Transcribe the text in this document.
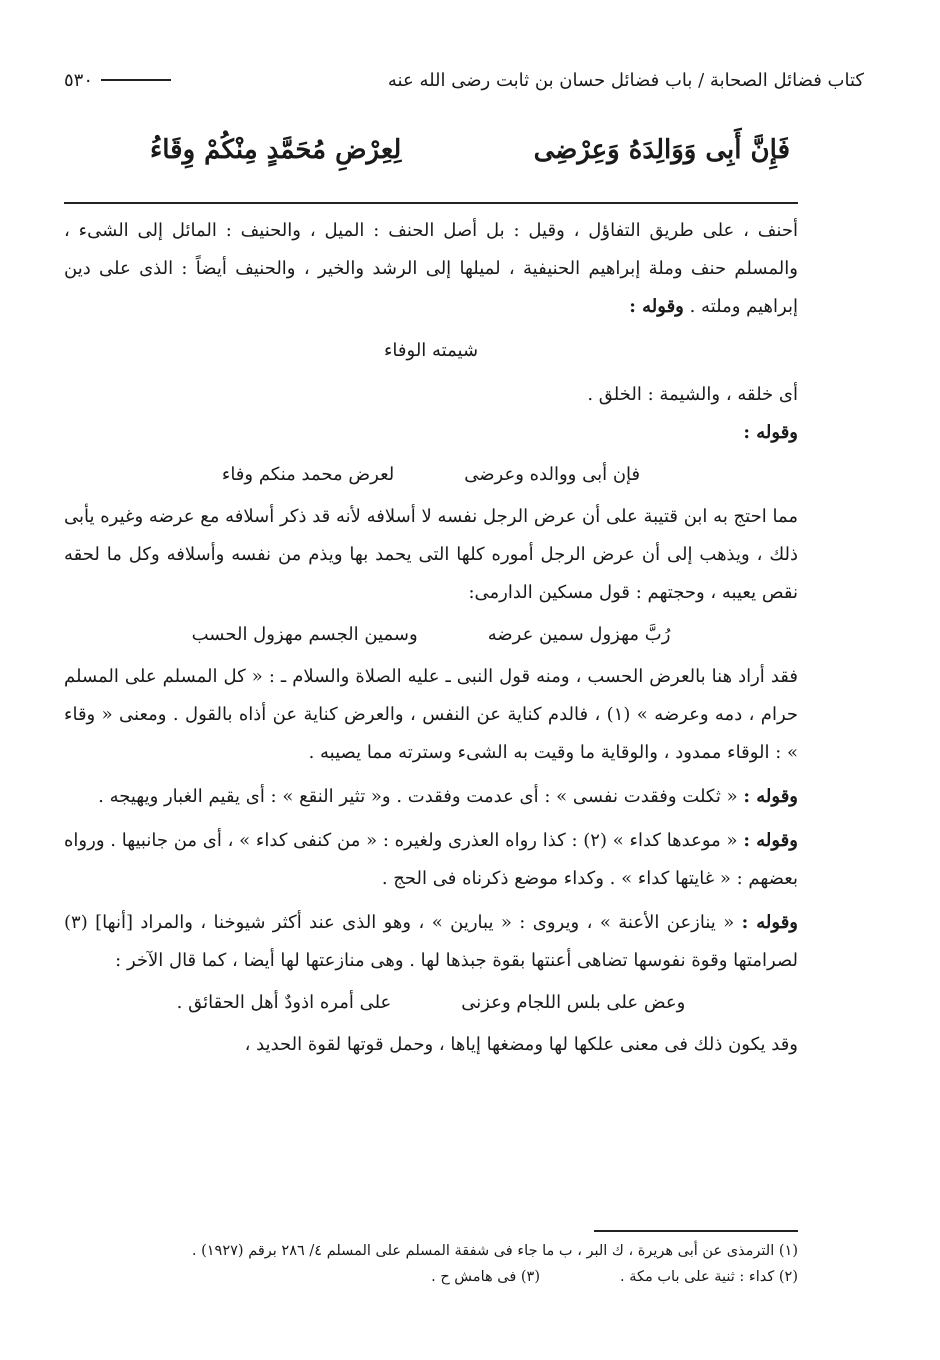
كتاب فضائل الصحابة / باب فضائل حسان بن ثابت رضى الله عنه
٥٣٠
فَإِنَّ أَبِى وَوَالِدَهُ وَعِرْضِى
لِعِرْضِ مُحَمَّدٍ مِنْكُمْ وِقَاءُ

أحنف ، على طريق التفاؤل ، وقيل : بل أصل الحنف : الميل ، والحنيف : المائل إلى الشىء ، والمسلم حنف وملة إبراهيم الحنيفية ، لميلها إلى الرشد والخير ، والحنيف أيضاً : الذى على دين إبراهيم وملته . وقوله :

شيمته الوفاء

أى خلقه ، والشيمة : الخلق .

وقوله :

فإن أبى ووالده وعرضى
لعرض محمد منكم وفاء

مما احتج به ابن قتيبة على أن عرض الرجل نفسه لا أسلافه لأنه قد ذكر أسلافه مع عرضه وغيره يأبى ذلك ، ويذهب إلى أن عرض الرجل أموره كلها التى يحمد بها ويذم من نفسه وأسلافه وكل ما لحقه نقص يعيبه ، وحجتهم : قول مسكين الدارمى:

رُبَّ مهزول سمين عرضه
وسمين الجسم مهزول الحسب

فقد أراد هنا بالعرض الحسب ، ومنه قول النبى ـ عليه الصلاة والسلام ـ : « كل المسلم على المسلم حرام ، دمه وعرضه » (١) ، فالدم كناية عن النفس ، والعرض كناية عن أذاه بالقول . ومعنى « وقاء » : الوقاء ممدود ، والوقاية ما وقيت به الشىء وسترته مما يصيبه .

وقوله : « ثكلت وفقدت نفسى » : أى عدمت وفقدت . و« تثير النقع » : أى يقيم الغبار ويهيجه .

وقوله : « موعدها كداء » (٢) : كذا رواه العذرى ولغيره : « من كنفى كداء » ، أى من جانبيها . ورواه بعضهم : « غايتها كداء » . وكداء موضع ذكرناه فى الحج .

وقوله : « ينازعن الأعنة » ، ويروى : « يبارين » ، وهو الذى عند أكثر شيوخنا ، والمراد [أنها] (٣) لصرامتها وقوة نفوسها تضاهى أعنتها بقوة جبذها لها . وهى منازعتها لها أيضا ، كما قال الآخر :

وعض على بلس اللجام وعزنى
على أمره اذودٌ أهل الحقائق .

وقد يكون ذلك فى معنى علكها لها ومضغها إياها ، وحمل قوتها لقوة الحديد ،

(١) الترمذى عن أبى هريرة ، ك البر ، ب ما جاء فى شفقة المسلم على المسلم ٤/ ٢٨٦ برقم (١٩٢٧) .

(٢) كداء : ثنية على باب مكة .
(٣) فى هامش ح .
